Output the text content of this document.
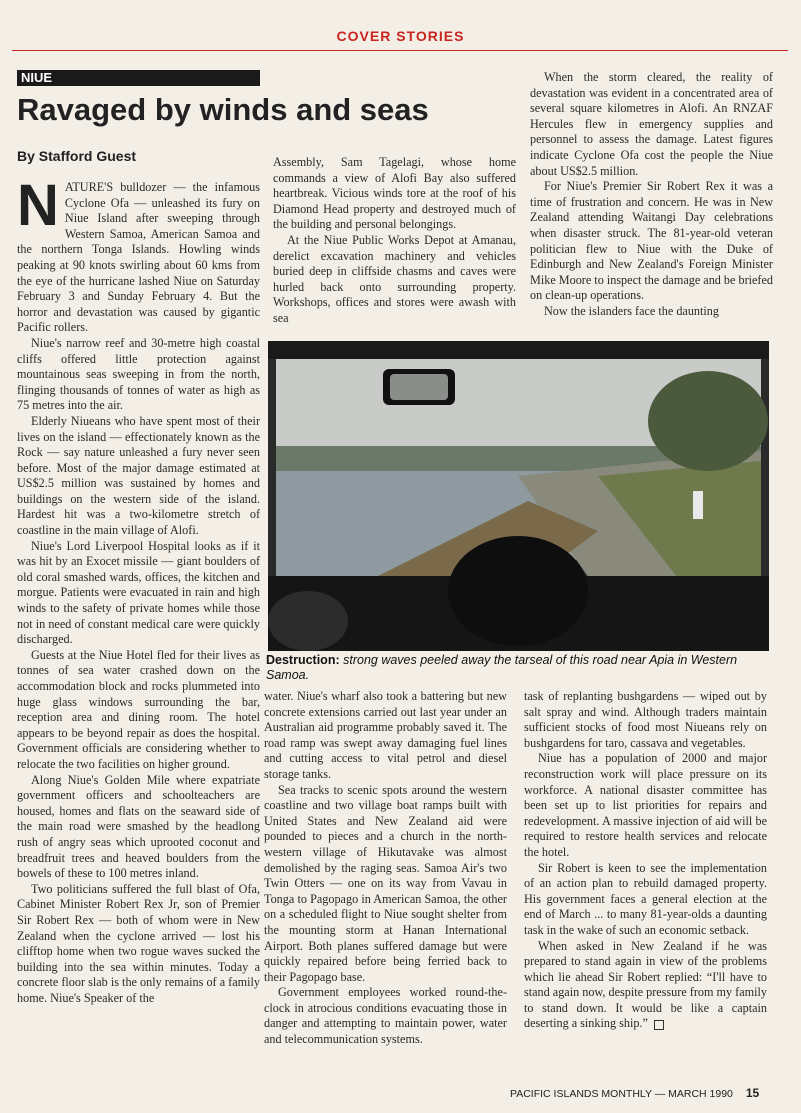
COVER STORIES
NIUE
Ravaged by winds and seas
By Stafford Guest

NATURE'S bulldozer — the infamous Cyclone Ofa — unleashed its fury on Niue Island after sweeping through Western Samoa, American Samoa and the northern Tonga Islands. Howling winds peaking at 90 knots swirling about 60 kms from the eye of the hurricane lashed Niue on Saturday February 3 and Sunday February 4. But the horror and devastation was caused by gigantic Pacific rollers.

Niue's narrow reef and 30-metre high coastal cliffs offered little protection against mountainous seas sweeping in from the north, flinging thousands of tonnes of water as high as 75 metres into the air.

Elderly Niueans who have spent most of their lives on the island — effectionately known as the Rock — say nature unleashed a fury never seen before. Most of the major damage estimated at US$2.5 million was sustained by homes and buildings on the western side of the island. Hardest hit was a two-kilometre stretch of coastline in the main village of Alofi.

Niue's Lord Liverpool Hospital looks as if it was hit by an Exocet missile — giant boulders of old coral smashed wards, offices, the kitchen and morgue. Patients were evacuated in rain and high winds to the safety of private homes while those not in need of constant medical care were quickly discharged.

Guests at the Niue Hotel fled for their lives as tonnes of sea water crashed down on the accommodation block and rocks plummeted into huge glass windows surrounding the bar, reception area and dining room. The hotel appears to be beyond repair as does the hospital. Government officials are considering whether to relocate the two facilities on higher ground.

Along Niue's Golden Mile where expatriate government officers and schoolteachers are housed, homes and flats on the seaward side of the main road were smashed by the headlong rush of angry seas which uprooted coconut and breadfruit trees and heaved boulders from the bowels of these to 100 metres inland.

Two politicians suffered the full blast of Ofa, Cabinet Minister Robert Rex Jr, son of Premier Sir Robert Rex — both of whom were in New Zealand when the cyclone arrived — lost his clifftop home when two rogue waves sucked the building into the sea within minutes. Today a concrete floor slab is the only remains of a family home. Niue's Speaker of the

Assembly, Sam Tagelagi, whose home commands a view of Alofi Bay also suffered heartbreak. Vicious winds tore at the roof of his Diamond Head property and destroyed much of the building and personal belongings.

At the Niue Public Works Depot at Amanau, derelict excavation machinery and vehicles buried deep in cliffside chasms and caves were hurled back onto surrounding property. Workshops, offices and stores were awash with sea

When the storm cleared, the reality of devastation was evident in a concentrated area of several square kilometres in Alofi. An RNZAF Hercules flew in emergency supplies and personnel to assess the damage. Latest figures indicate Cyclone Ofa cost the people the Niue about US$2.5 million.

For Niue's Premier Sir Robert Rex it was a time of frustration and concern. He was in New Zealand attending Waitangi Day celebrations when disaster struck. The 81-year-old veteran politician flew to Niue with the Duke of Edinburgh and New Zealand's Foreign Minister Mike Moore to inspect the damage and be briefed on clean-up operations.

Now the islanders face the daunting

Destruction: strong waves peeled away the tarseal of this road near Apia in Western Samoa.

water. Niue's wharf also took a battering but new concrete extensions carried out last year under an Australian aid programme probably saved it. The road ramp was swept away damaging fuel lines and cutting access to vital petrol and diesel storage tanks.

Sea tracks to scenic spots around the western coastline and two village boat ramps built with United States and New Zealand aid were pounded to pieces and a church in the north-western village of Hikutavake was almost demolished by the raging seas. Samoa Air's two Twin Otters — one on its way from Vavau in Tonga to Pagopago in American Samoa, the other on a scheduled flight to Niue sought shelter from the mounting storm at Hanan International Airport. Both planes suffered damage but were quickly repaired before being ferried back to their Pagopago base.

Government employees worked round-the-clock in atrocious conditions evacuating those in danger and attempting to maintain power, water and telecommunication systems.

task of replanting bushgardens — wiped out by salt spray and wind. Although traders maintain sufficient stocks of food most Niueans rely on bushgardens for taro, cassava and vegetables.

Niue has a population of 2000 and major reconstruction work will place pressure on its workforce. A national disaster committee has been set up to list priorities for repairs and redevelopment. A massive injection of aid will be required to restore health services and relocate the hotel.

Sir Robert is keen to see the implementation of an action plan to rebuild damaged property. His government faces a general election at the end of March ... to many 81-year-olds a daunting task in the wake of such an economic setback.

When asked in New Zealand if he was prepared to stand again in view of the problems which lie ahead Sir Robert replied: “I'll have to stand again now, despite pressure from my family to stand down. It would be like a captain deserting a sinking ship.”

PACIFIC ISLANDS MONTHLY — MARCH 1990 15
